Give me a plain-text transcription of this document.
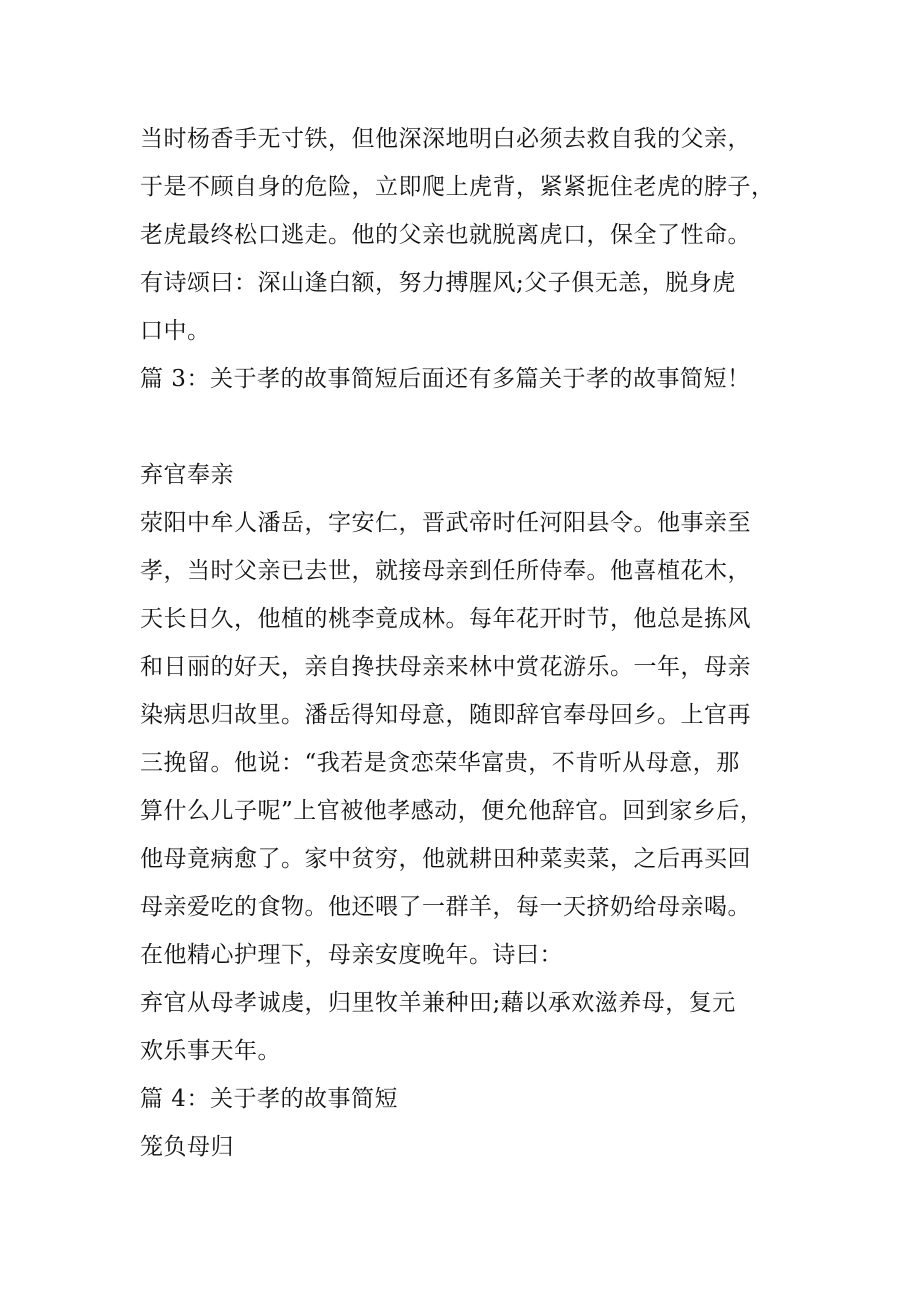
当时杨香手无寸铁，但他深深地明白必须去救自我的父亲，
于是不顾自身的危险，立即爬上虎背，紧紧扼住老虎的脖子，
老虎最终松口逃走。他的父亲也就脱离虎口，保全了性命。
有诗颂曰：深山逢白额，努力搏腥风;父子俱无恙，脱身虎
口中。
篇 3：关于孝的故事简短后面还有多篇关于孝的故事简短！
弃官奉亲
荥阳中牟人潘岳，字安仁，晋武帝时任河阳县令。他事亲至
孝，当时父亲已去世，就接母亲到任所侍奉。他喜植花木，
天长日久，他植的桃李竟成林。每年花开时节，他总是拣风
和日丽的好天，亲自搀扶母亲来林中赏花游乐。一年，母亲
染病思归故里。潘岳得知母意，随即辞官奉母回乡。上官再
三挽留。他说：“我若是贪恋荣华富贵，不肯听从母意，那
算什么儿子呢”上官被他孝感动，便允他辞官。回到家乡后，
他母竟病愈了。家中贫穷，他就耕田种菜卖菜，之后再买回
母亲爱吃的食物。他还喂了一群羊，每一天挤奶给母亲喝。
在他精心护理下，母亲安度晚年。诗曰：
弃官从母孝诚虔，归里牧羊兼种田;藉以承欢滋养母，复元
欢乐事天年。
篇 4：关于孝的故事简短
笼负母归
